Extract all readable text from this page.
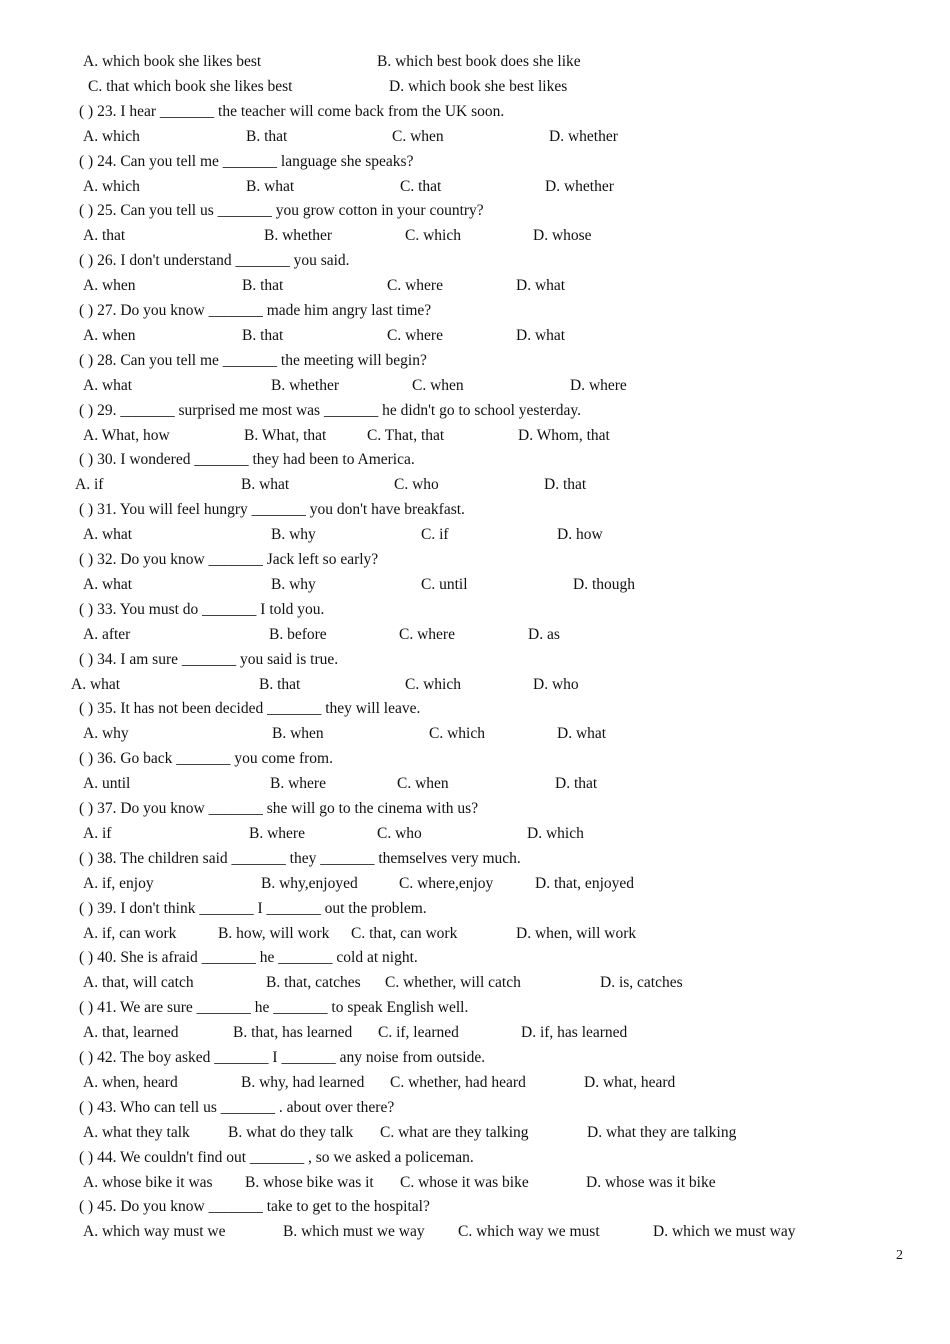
A. which book she likes best	B. which best book does she like
C. that which book she likes best	D. which book she best likes
( ) 23. I hear _______ the teacher will come back from the UK soon.
A. which	B. that	C. when	D. whether
( ) 24. Can you tell me _______ language she speaks?
A. which	B. what	C. that	D. whether
( ) 25. Can you tell us _______ you grow cotton in your country?
A. that	B. whether	C. which	D. whose
( ) 26. I don't understand _______ you said.
A. when	B. that	C. where	D. what
( ) 27. Do you know _______ made him angry last time?
A. when	B. that	C. where	D. what
( ) 28. Can you tell me _______ the meeting will begin?
A. what	B. whether	C. when	D. where
( ) 29. _______ surprised me most was _______ he didn't go to school yesterday.
A. What, how	B. What, that	C. That, that	D. Whom, that
( ) 30. I wondered _______ they had been to America.
A. if	B. what	C. who	D. that
( ) 31. You will feel hungry _______ you don't have breakfast.
A. what	B. why	C. if	D. how
( ) 32. Do you know _______ Jack left so early?
A. what	B. why	C. until	D. though
( ) 33. You must do _______ I told you.
A. after	B. before	C. where	D. as
( ) 34. I am sure _______ you said is true.
A. what	B. that	C. which	D. who
( ) 35. It has not been decided _______ they will leave.
A. why	B. when	C. which	D. what
( ) 36. Go back _______ you come from.
A. until	B. where	C. when	D. that
( ) 37. Do you know _______ she will go to the cinema with us?
A. if	B. where	C. who	D. which
( ) 38. The children said _______ they _______ themselves very much.
A. if, enjoy	B. why,enjoyed	C. where,enjoy	D. that, enjoyed
( ) 39. I don't think _______ I _______ out the problem.
A. if, can work	B. how, will work C. that, can work	D. when, will work
( ) 40. She is afraid _______ he _______ cold at night.
A. that, will catch	B. that, catches C. whether, will catch	D. is, catches
( ) 41. We are sure _______ he _______ to speak English well.
A. that, learned	B. that, has learned C. if, learned	D. if, has learned
( ) 42. The boy asked _______ I _______ any noise from outside.
A. when, heard	B. why, had learned C. whether, had heard	D. what, heard
( ) 43. Who can tell us _______ . about over there?
A. what they talk B. what do they talk C. what are they talking	D. what they are talking
( ) 44. We couldn't find out _______ , so we asked a policeman.
A. whose bike it was B. whose bike was it C. whose it was bike	D. whose was it bike
( ) 45. Do you know _______ take to get to the hospital?
A. which way must we	B. which must we way C. which way we must	D. which we must way
2
